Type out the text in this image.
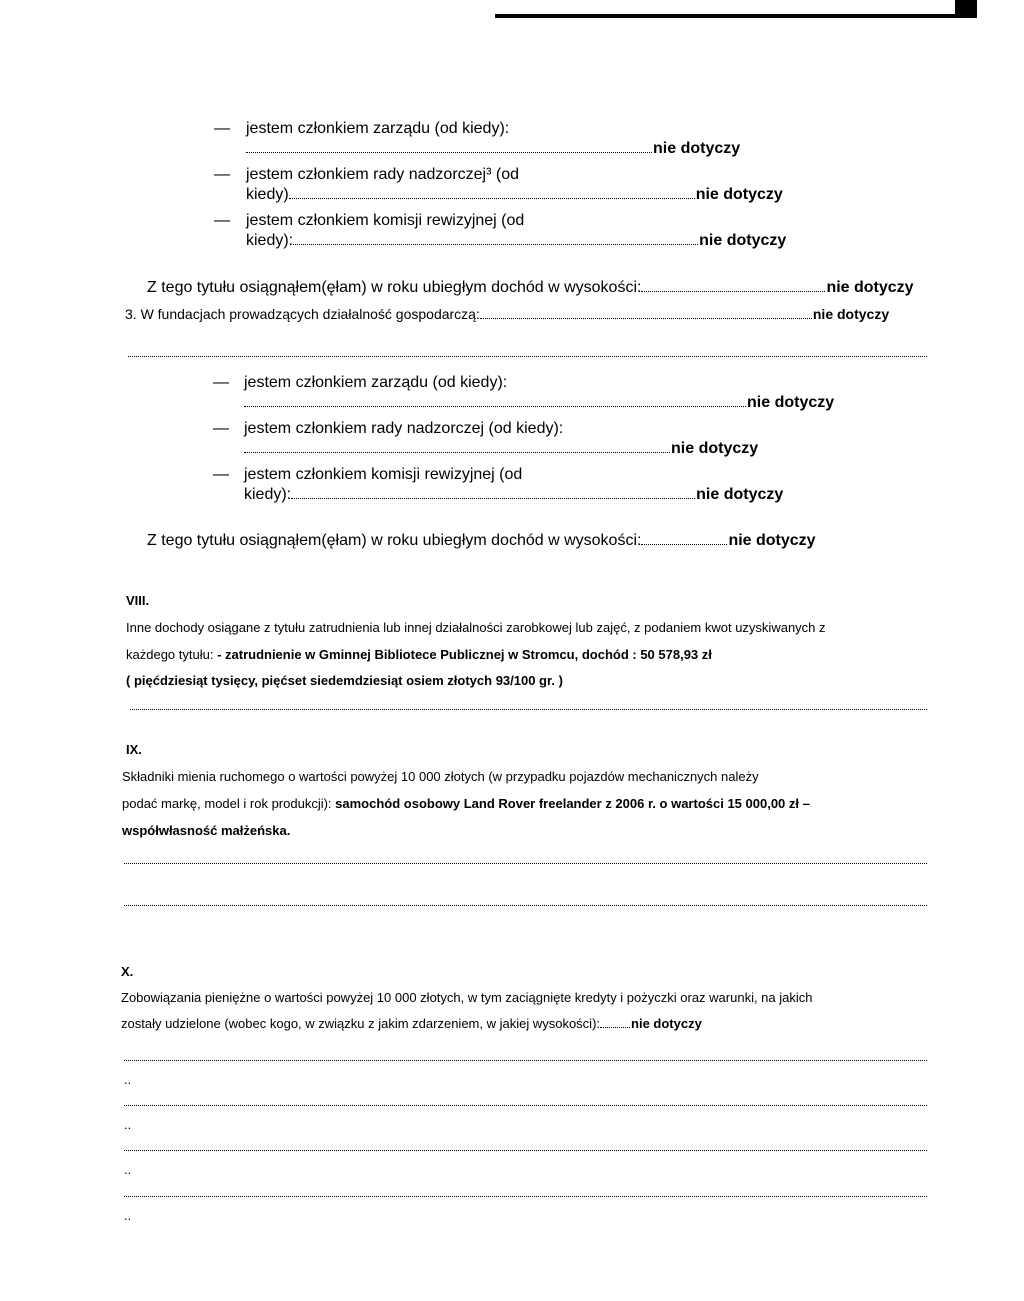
— jestem członkiem zarządu (od kiedy):
nie dotyczy
— jestem członkiem rady nadzorczej³ (od
kiedy)	nie dotyczy
— jestem członkiem komisji rewizyjnej (od
kiedy):	nie dotyczy
Z tego tytułu osiągnąłem(ęłam) w roku ubiegłym dochód w wysokości:	nie dotyczy
3. W fundacjach prowadzących działalność gospodarczą:	nie dotyczy
— jestem członkiem zarządu (od kiedy):
nie dotyczy
— jestem członkiem rady nadzorczej (od kiedy):
nie dotyczy
— jestem członkiem komisji rewizyjnej (od
kiedy):	nie dotyczy
Z tego tytułu osiągnąłem(ęłam) w roku ubiegłym dochód w wysokości:	nie dotyczy
VIII.
Inne dochody osiągane z tytułu zatrudnienia lub innej działalności zarobkowej lub zajęć, z podaniem kwot uzyskiwanych z
każdego tytułu: - zatrudnienie w Gminnej Bibliotece Publicznej w Stromcu, dochód : 50 578,93 zł
( pięćdziesiąt tysięcy, pięćset siedemdziesiąt osiem złotych 93/100 gr. )
IX.
Składniki mienia ruchomego o wartości powyżej 10 000 złotych (w przypadku pojazdów mechanicznych należy
podać markę, model i rok produkcji): samochód osobowy Land Rover freelander z 2006 r. o wartości 15 000,00 zł –
współwłasność małżeńska.
X.
Zobowiązania pieniężne o wartości powyżej 10 000 złotych, w tym zaciągnięte kredyty i pożyczki oraz warunki, na jakich
zostały udzielone (wobec kogo, w związku z jakim zdarzeniem, w jakiej wysokości): nie dotyczy
..
..
..
..
